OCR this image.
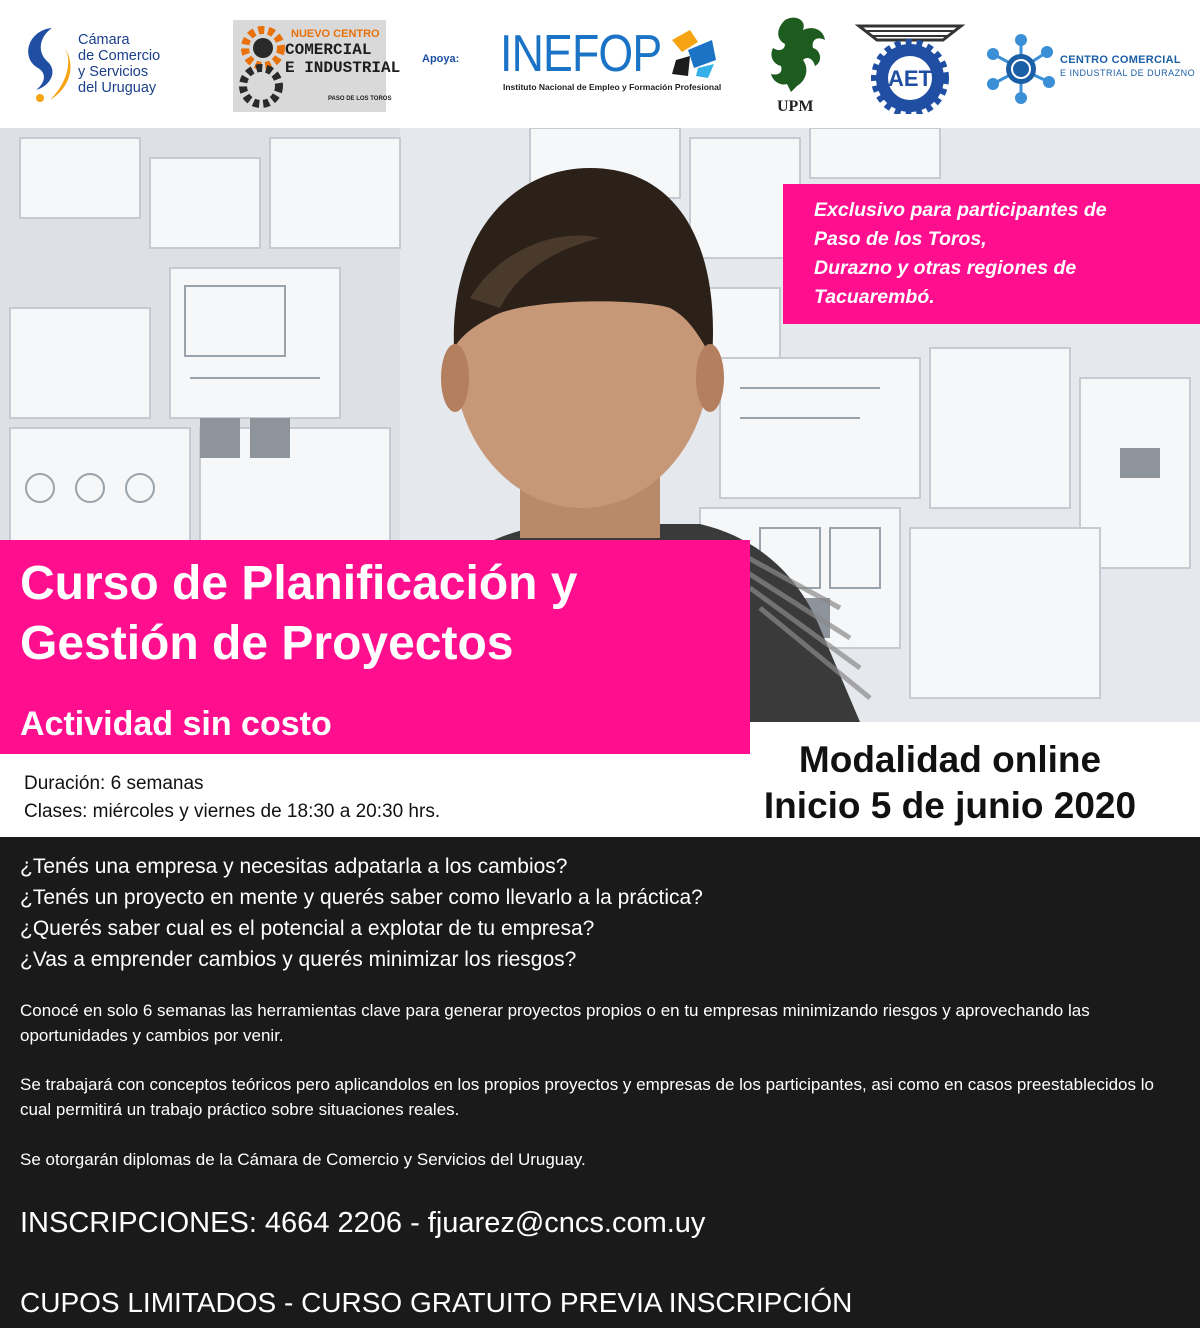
Cámara
de Comercio
y Servicios
del Uruguay
NUEVO CENTRO
COMERCIAL
E INDUSTRIAL
PASO DE LOS TOROS
Apoya: INEFOP
Instituto Nacional de Empleo y Formación Profesional
UPM
AET
CENTRO COMERCIAL
E INDUSTRIAL DE DURAZNO
Exclusivo para participantes de
Paso de los Toros,
Durazno y otras regiones de
Tacuarembó.
Curso de Planificación y
Gestión de Proyectos
Actividad sin costo
Duración: 6 semanas
Clases: miércoles y viernes de 18:30 a 20:30 hrs.
Modalidad online
Inicio 5 de junio 2020
¿Tenés una empresa y necesitas adpatarla a los cambios?
¿Tenés un proyecto en mente y querés saber como llevarlo a la práctica?
¿Querés saber cual es el potencial a explotar de tu empresa?
¿Vas a emprender cambios y querés minimizar los riesgos?
Conocé en solo 6 semanas las herramientas clave para generar proyectos propios o en tu empresas minimizando riesgos y aprovechando las oportunidades y cambios por venir.
Se trabajará con conceptos teóricos pero aplicandolos en los propios proyectos y empresas de los participantes, asi como en casos preestablecidos lo cual permitirá un trabajo práctico sobre situaciones reales.
Se otorgarán diplomas de la Cámara de Comercio y Servicios del Uruguay.
INSCRIPCIONES: 4664 2206 - fjuarez@cncs.com.uy
CUPOS LIMITADOS - CURSO GRATUITO PREVIA INSCRIPCIÓN
